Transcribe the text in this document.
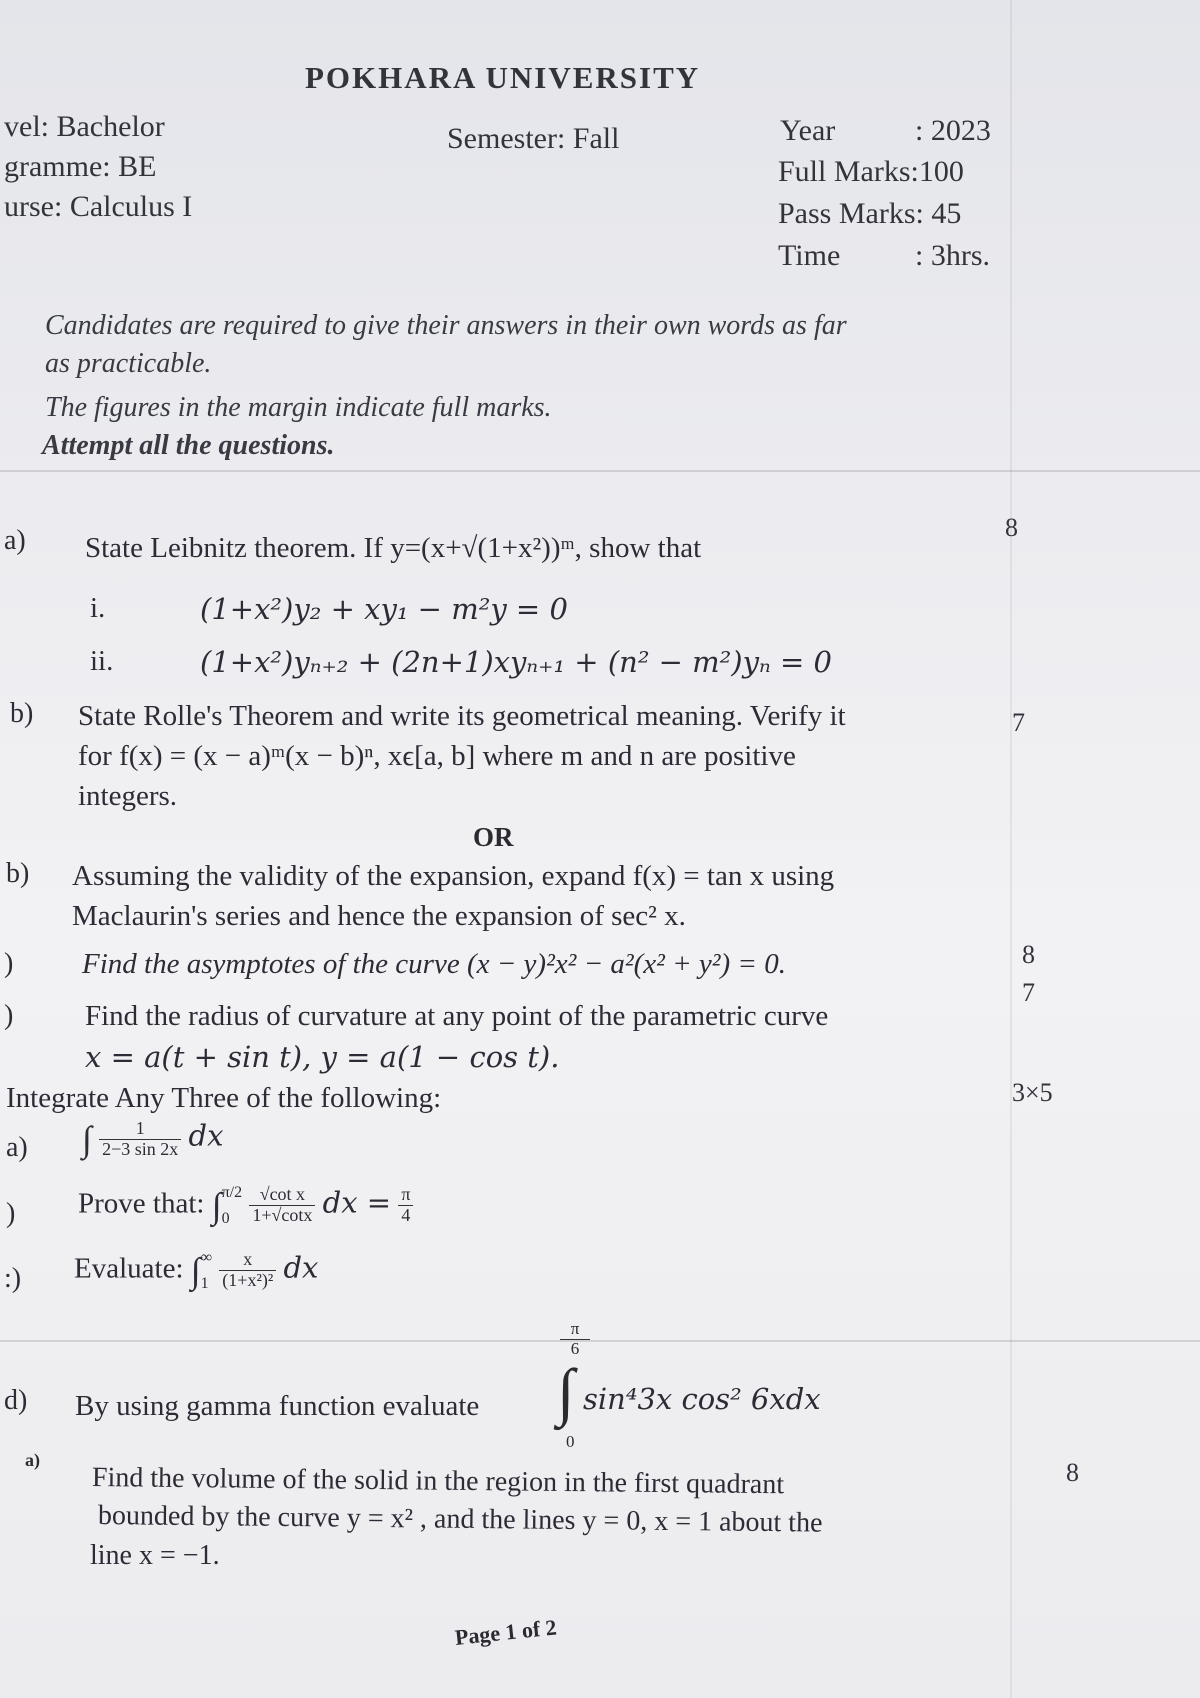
POKHARA UNIVERSITY
vel: Bachelor
gramme: BE
urse: Calculus I
Semester: Fall	Year	: 2023
Full Marks:100
Pass Marks: 45
Time : 3hrs.
Candidates are required to give their answers in their own words as far
as practicable.
The figures in the margin indicate full marks.
Attempt all the questions.
a) State Leibnitz theorem. If y=(x+√(1+x²))ᵐ, show that
8
i.	(1+x²)y₂ + xy₁ − m²y = 0
ii.	(1+x²)yₙ₊₂ + (2n+1)xyₙ₊₁ + (n² − m²)yₙ = 0
b) State Rolle's Theorem and write its geometrical meaning. Verify it
for f(x) = (x − a)ᵐ(x − b)ⁿ, xϵ[a, b] where m and n are positive
integers.
7
OR
b) Assuming the validity of the expansion, expand f(x) = tan x using
Maclaurin's series and hence the expansion of sec² x.
) Find the asymptotes of the curve (x − y)²x² − a²(x² + y²) = 0.	8
7
) Find the radius of curvature at any point of the parametric curve
x = a(t + sin t), y = a(1 − cos t).
Integrate Any Three of the following:	3×5
a) ∫ $\frac{1}{2-3 \sin 2x}$ dx
) Prove that: ∫ π/2
0
	$\frac{\text{√cot x}}{1+√\cot x}$ dx = $\frac{\pi}{4}$
:) Evaluate: ∫ ∞
1
$\frac{x}{\text{(1+x²)²}}$ dx
d) By using gamma function evaluate
π
6
∫
0
sin⁴3x cos² 6xdx
a)
Find the volume of the solid in the region in the first quadrant
bounded by the curve y = x² , and the lines y = 0, x = 1 about the
line x = −1.
8
Page 1 of 2
